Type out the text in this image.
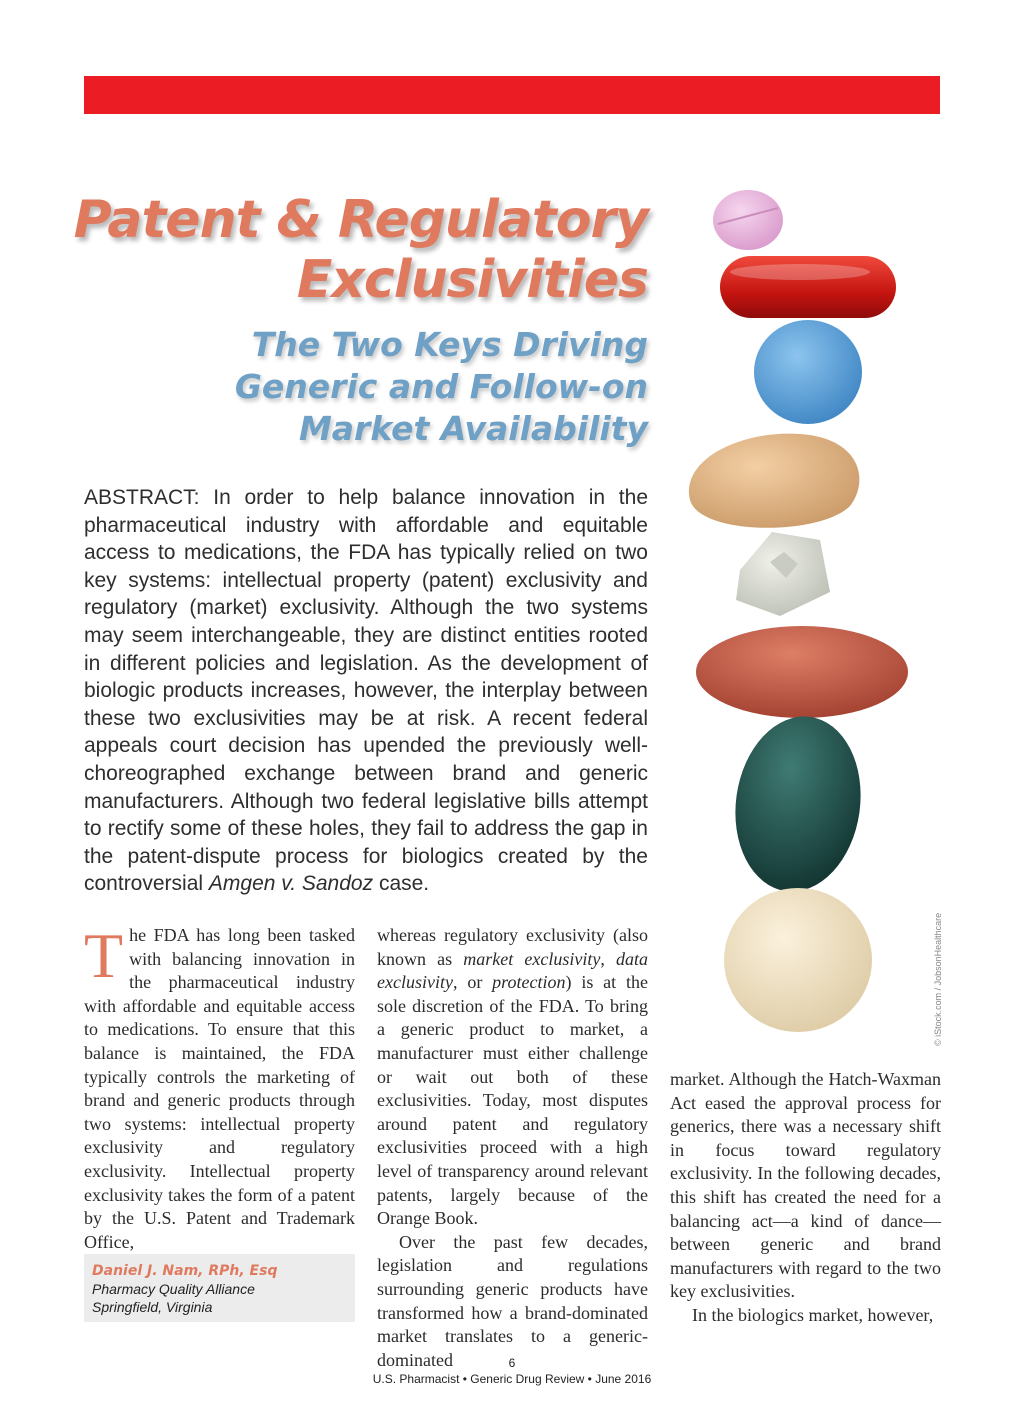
Patent & Regulatory
Exclusivities
The Two Keys Driving
Generic and Follow-on
Market Availability

ABSTRACT: In order to help balance innovation in the pharmaceutical industry with affordable and equitable access to medications, the FDA has typically relied on two key systems: intellectual property (patent) exclusivity and regulatory (market) exclusivity. Although the two systems may seem interchangeable, they are distinct entities rooted in different policies and legislation. As the development of biologic products increases, however, the interplay between these two exclusivities may be at risk. A recent federal appeals court decision has upended the previously well-choreographed exchange between brand and generic manufacturers. Although two federal legislative bills attempt to rectify some of these holes, they fail to address the gap in the patent-dispute process for biologics created by the controversial Amgen v. Sandoz case.

The FDA has long been tasked with balancing innovation in the pharmaceutical industry with affordable and equitable access to medications. To ensure that this balance is maintained, the FDA typically controls the marketing of brand and generic products through two systems: intellectual property exclusivity and regulatory exclusivity. Intellectual property exclusivity takes the form of a patent by the U.S. Patent and Trademark Office,

whereas regulatory exclusivity (also known as market exclusivity, data exclusivity, or protection) is at the sole discretion of the FDA. To bring a generic product to market, a manufacturer must either challenge or wait out both of these exclusivities. Today, most disputes around patent and regulatory exclusivities proceed with a high level of transparency around relevant patents, largely because of the Orange Book.

Over the past few decades, legislation and regulations surrounding generic products have transformed how a brand-dominated market translates to a generic-dominated

market. Although the Hatch-Waxman Act eased the approval process for generics, there was a necessary shift in focus toward regulatory exclusivity. In the following decades, this shift has created the need for a balancing act—a kind of dance—between generic and brand manufacturers with regard to the two key exclusivities.

In the biologics market, however,

Daniel J. Nam, RPh, Esq
Pharmacy Quality Alliance
Springfield, Virginia
© iStock.com / JobsonHealthcare
6
U.S. Pharmacist • Generic Drug Review • June 2016
